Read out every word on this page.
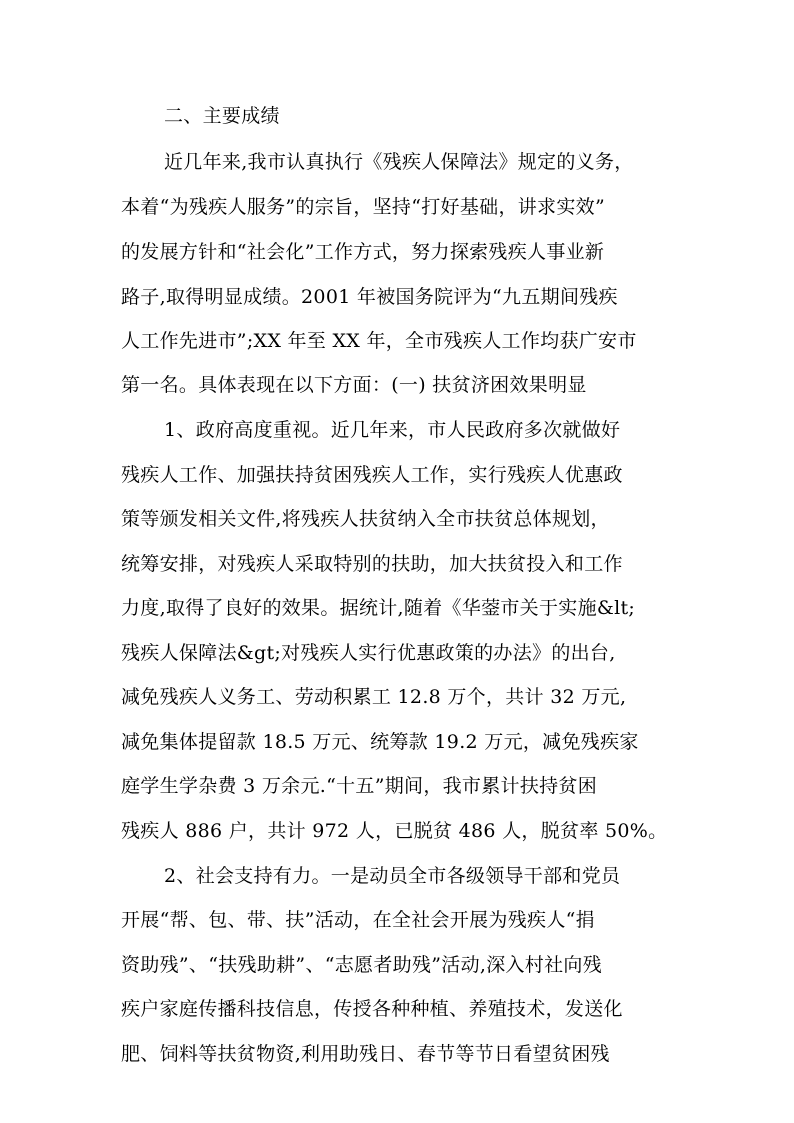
二、主要成绩
近几年来,我市认真执行《残疾人保障法》规定的义务，
本着“为残疾人服务”的宗旨，坚持“打好基础，讲求实效”
的发展方针和“社会化”工作方式，努力探索残疾人事业新
路子,取得明显成绩。2001 年被国务院评为“九五期间残疾
人工作先进市”;XX 年至 XX 年，全市残疾人工作均获广安市
第一名。具体表现在以下方面：(一) 扶贫济困效果明显
1、政府高度重视。近几年来，市人民政府多次就做好
残疾人工作、加强扶持贫困残疾人工作，实行残疾人优惠政
策等颁发相关文件,将残疾人扶贫纳入全市扶贫总体规划，
统筹安排，对残疾人采取特别的扶助，加大扶贫投入和工作
力度,取得了良好的效果。据统计,随着《华蓥市关于实施&lt;
残疾人保障法&gt;对残疾人实行优惠政策的办法》的出台,
减免残疾人义务工、劳动积累工 12.8 万个，共计 32 万元,
减免集体提留款 18.5 万元、统筹款 19.2 万元，减免残疾家
庭学生学杂费 3 万余元.“十五”期间，我市累计扶持贫困
残疾人 886 户，共计 972 人，已脱贫 486 人，脱贫率 50%。
2、社会支持有力。一是动员全市各级领导干部和党员
开展“帮、包、带、扶”活动，在全社会开展为残疾人“捐
资助残”、“扶残助耕”、“志愿者助残”活动,深入村社向残
疾户家庭传播科技信息，传授各种种植、养殖技术，发送化
肥、饲料等扶贫物资,利用助残日、春节等节日看望贫困残
